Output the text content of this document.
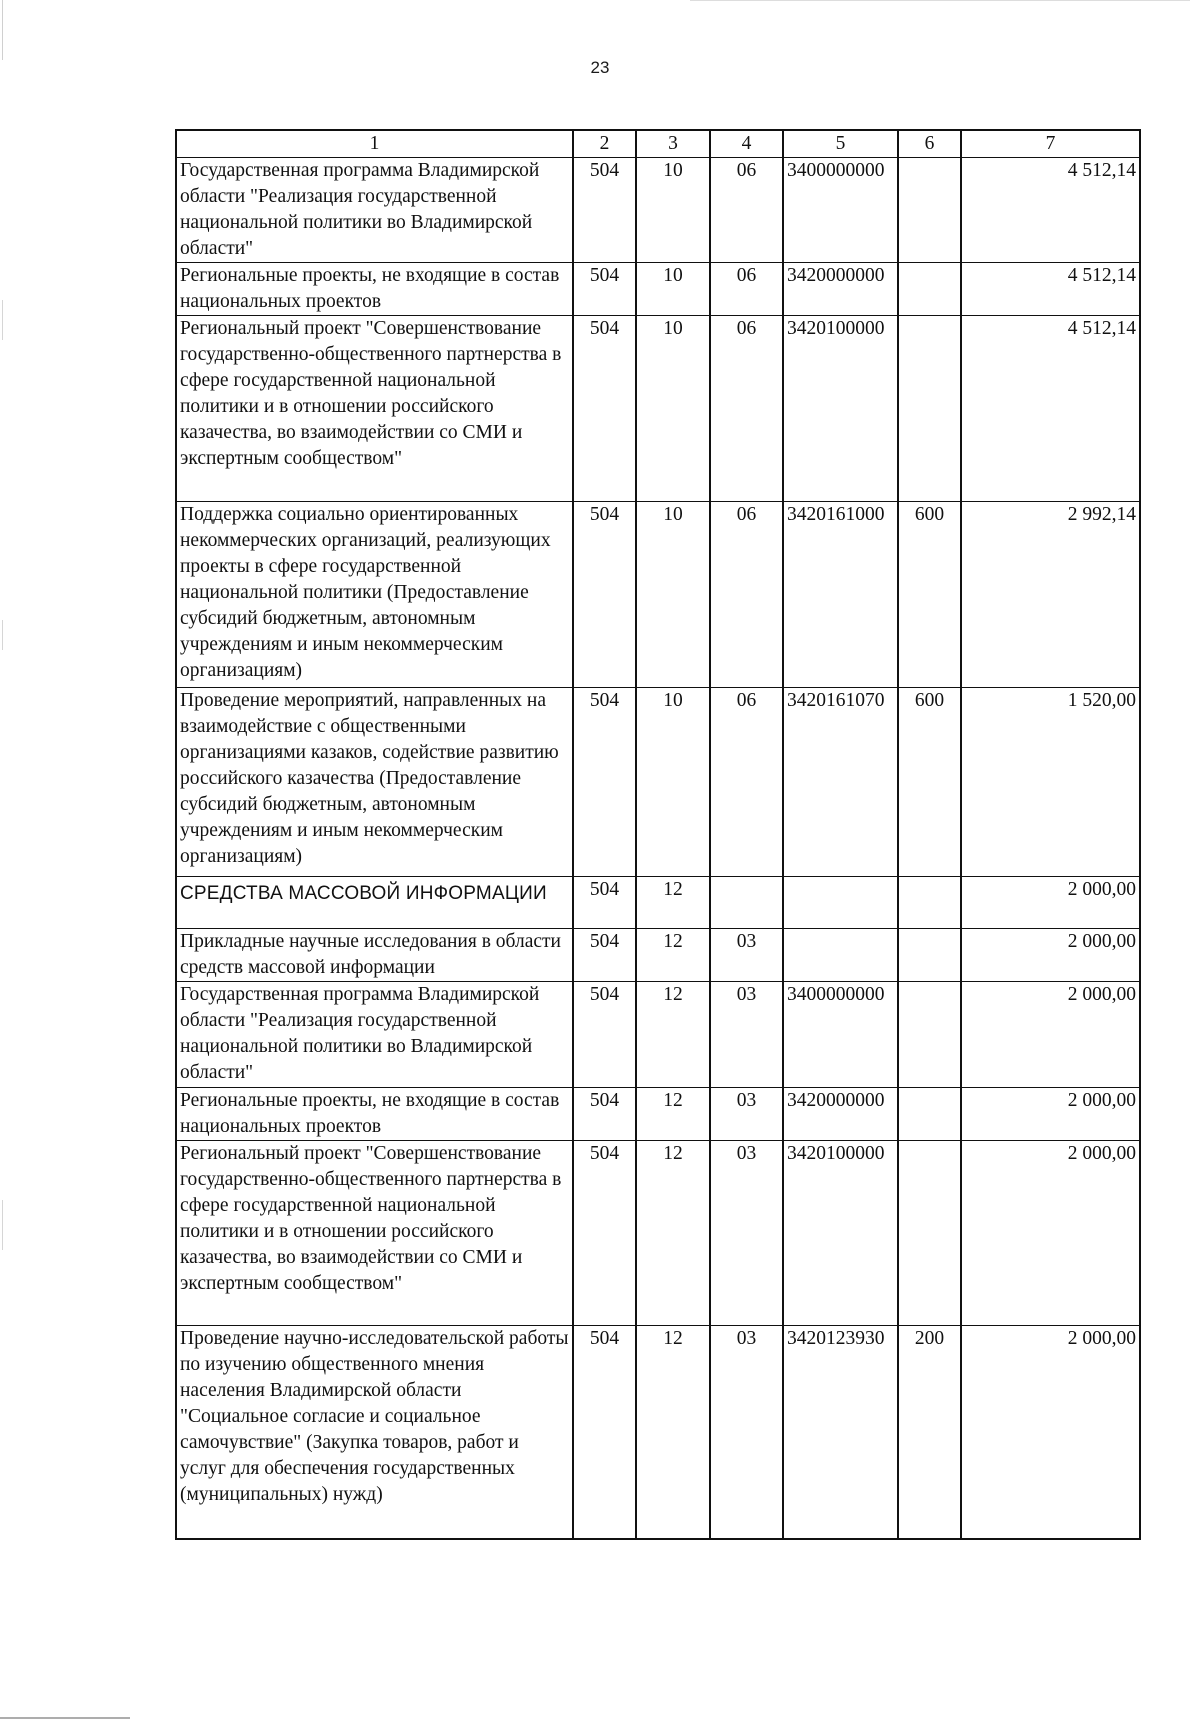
23
1	2	3	4	5	6	7
Государственная программа Владимирской области "Реализация государственной национальной политики во Владимирской области"	504	10	06	3400000000		4 512,14
Региональные проекты, не входящие в состав национальных проектов	504	10	06	3420000000		4 512,14
Региональный проект "Совершенствование государственно-общественного партнерства в сфере государственной национальной политики и в отношении российского казачества, во взаимодействии со СМИ и экспертным сообществом"	504	10	06	3420100000		4 512,14
Поддержка социально ориентированных некоммерческих организаций, реализующих проекты в сфере государственной национальной политики (Предоставление субсидий бюджетным, автономным учреждениям и иным некоммерческим организациям)	504	10	06	3420161000	600	2 992,14
Проведение мероприятий, направленных на взаимодействие с общественными организациями казаков, содействие развитию российского казачества (Предоставление субсидий бюджетным, автономным учреждениям и иным некоммерческим организациям)	504	10	06	3420161070	600	1 520,00
СРЕДСТВА МАССОВОЙ ИНФОРМАЦИИ	504	12				2 000,00
Прикладные научные исследования в области средств массовой информации	504	12	03			2 000,00
Государственная программа Владимирской области "Реализация государственной национальной политики во Владимирской области"	504	12	03	3400000000		2 000,00
Региональные проекты, не входящие в состав национальных проектов	504	12	03	3420000000		2 000,00
Региональный проект "Совершенствование государственно-общественного партнерства в сфере государственной национальной политики и в отношении российского казачества, во взаимодействии со СМИ и экспертным сообществом"	504	12	03	3420100000		2 000,00
Проведение научно-исследовательской работы по изучению общественного мнения населения Владимирской области "Социальное согласие и социальное самочувствие" (Закупка товаров, работ и услуг для обеспечения государственных (муниципальных) нужд)	504	12	03	3420123930	200	2 000,00
